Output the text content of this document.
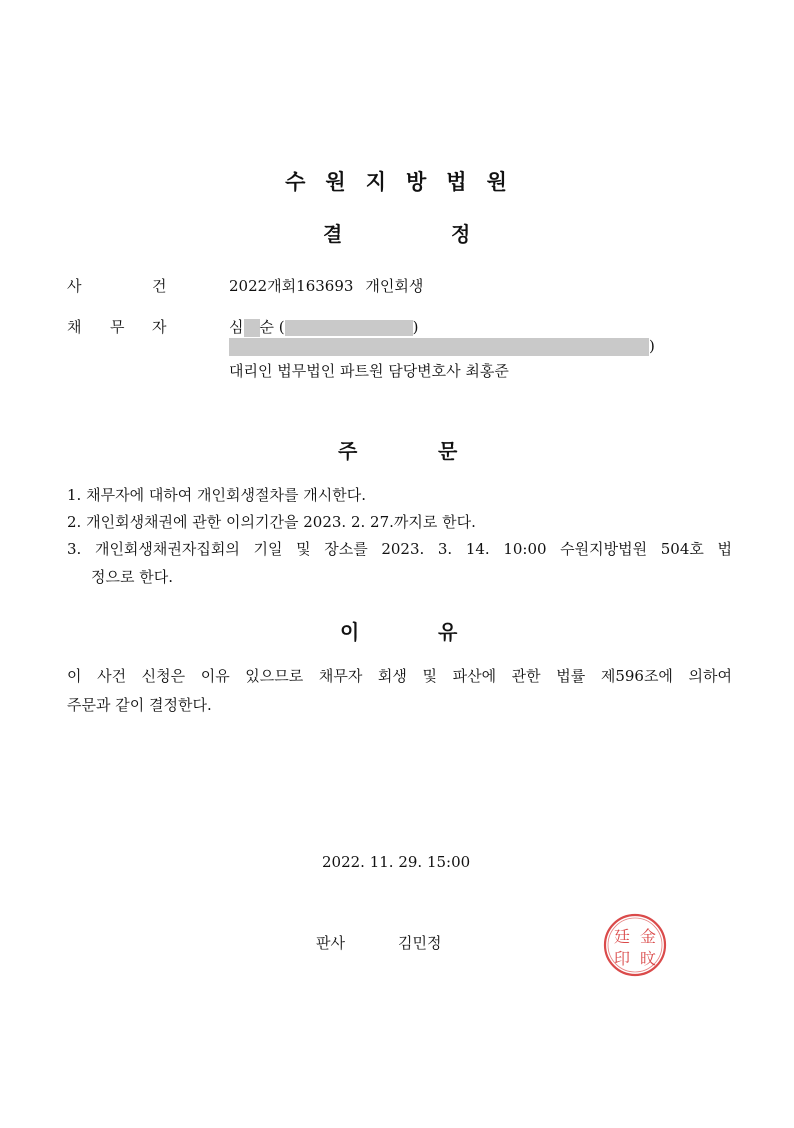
수 원 지 방 법 원
결	정
사	건	2022개회163693 개인회생
채 무 자	심 순 (	)
)
대리인 법무법인 파트원 담당변호사 최홍준
주	문
1. 채무자에 대하여 개인회생절차를 개시한다.
2. 개인회생채권에 관한 이의기간을 2023. 2. 27.까지로 한다.
3. 개인회생채권자집회의 기일 및 장소를 2023. 3. 14. 10:00 수원지방법원 504호 법
정으로 한다.
이	유
이 사건 신청은 이유 있으므로 채무자 회생 및 파산에 관한 법률 제596조에 의하여
주문과 같이 결정한다.
2022. 11. 29. 15:00
판사	김민정	廷 金
印 旼
